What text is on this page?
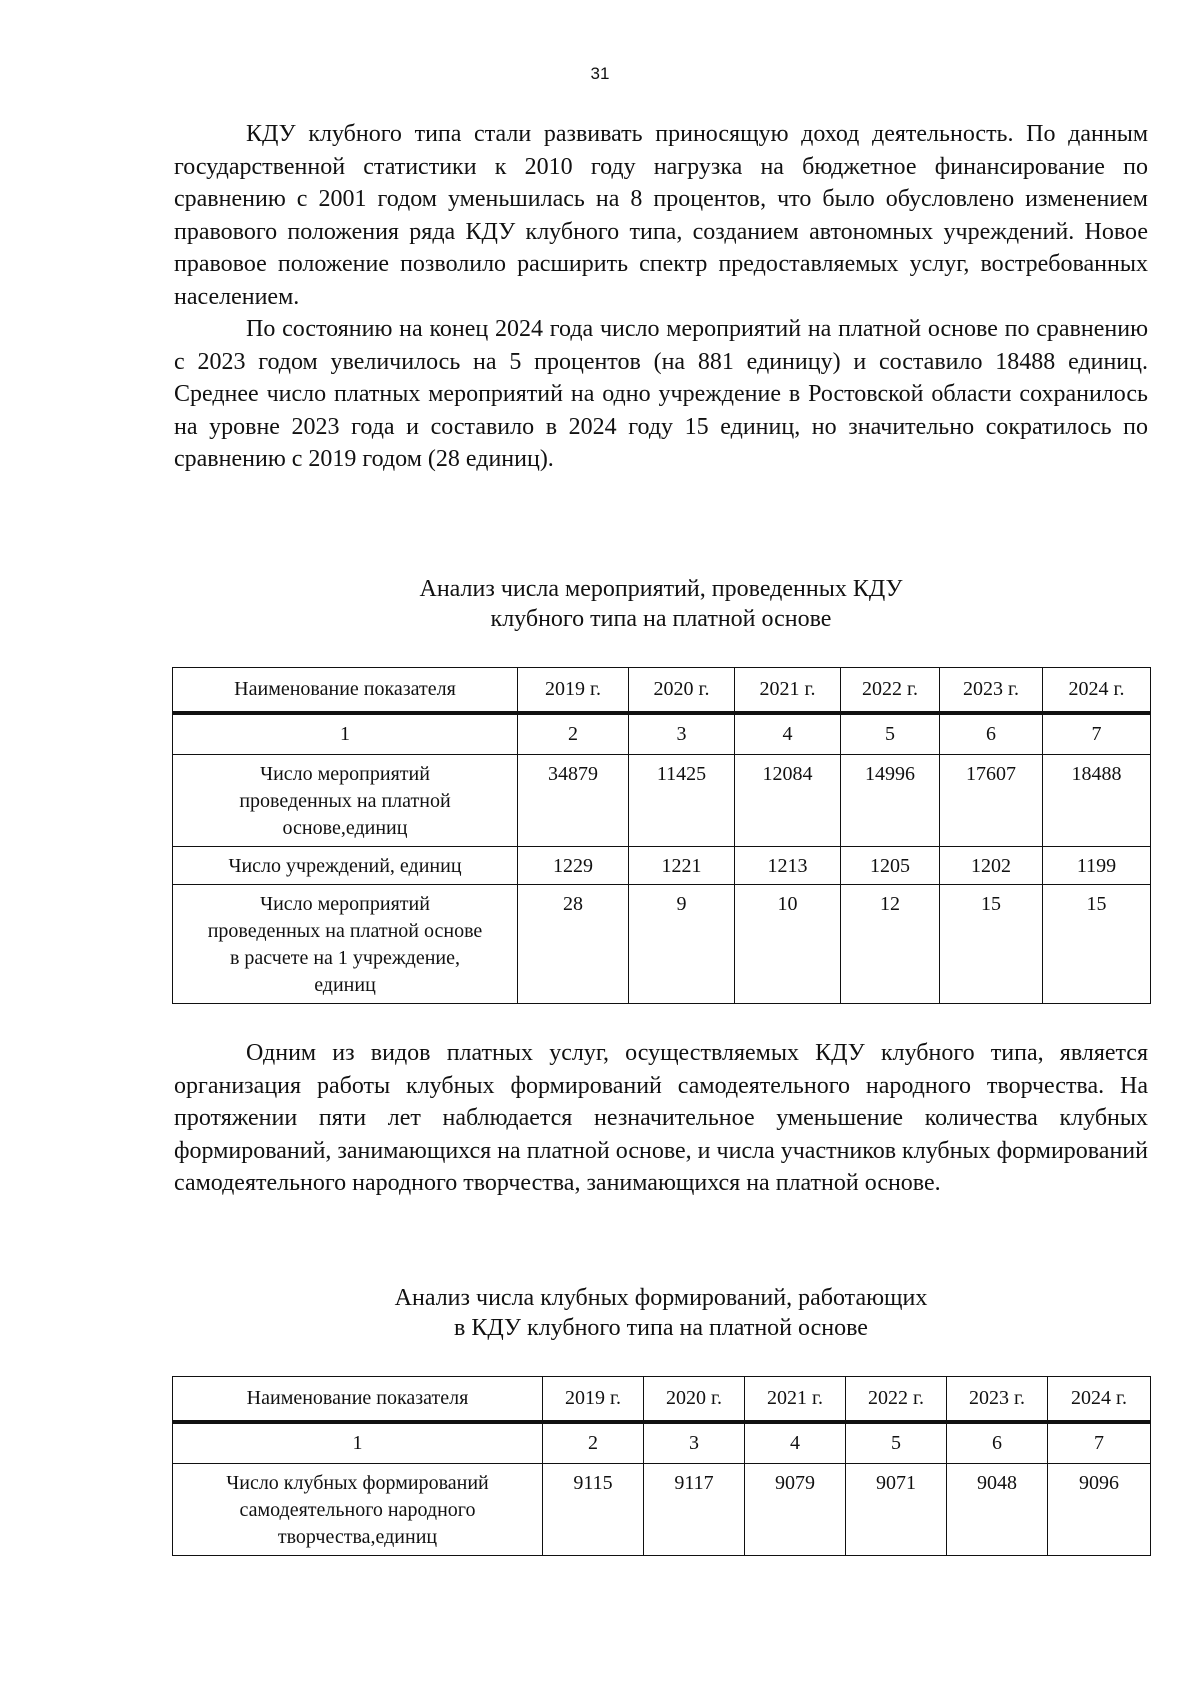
31

КДУ клубного типа стали развивать приносящую доход деятельность. По данным государственной статистики к 2010 году нагрузка на бюджетное финансирование по сравнению с 2001 годом уменьшилась на 8 процентов, что было обусловлено изменением правового положения ряда КДУ клубного типа, созданием автономных учреждений. Новое правовое положение позволило расширить спектр предоставляемых услуг, востребованных населением.

По состоянию на конец 2024 года число мероприятий на платной основе по сравнению с 2023 годом увеличилось на 5 процентов (на 881 единицу) и составило 18488 единиц. Среднее число платных мероприятий на одно учреждение в Ростовской области сохранилось на уровне 2023 года и составило в 2024 году 15 единиц, но значительно сократилось по сравнению с 2019 годом (28 единиц).

Анализ числа мероприятий, проведенных КДУ
клубного типа на платной основе
Наименование показателя	2019 г.	2020 г.	2021 г.	2022 г.	2023 г.	2024 г.
1	2	3	4	5	6	7
Число мероприятий проведенных на платной основе,единиц	34879	11425	12084	14996	17607	18488
Число учреждений, единиц	1229	1221	1213	1205	1202	1199
Число мероприятий проведенных на платной основе в расчете на 1 учреждение, единиц	28	9	10	12	15	15

Одним из видов платных услуг, осуществляемых КДУ клубного типа, является организация работы клубных формирований самодеятельного народного творчества. На протяжении пяти лет наблюдается незначительное уменьшение количества клубных формирований, занимающихся на платной основе, и числа участников клубных формирований самодеятельного народного творчества, занимающихся на платной основе.

Анализ числа клубных формирований, работающих
в КДУ клубного типа на платной основе
Наименование показателя	2019 г.	2020 г.	2021 г.	2022 г.	2023 г.	2024 г.
1	2	3	4	5	6	7
Число клубных формирований самодеятельного народного творчества,единиц	9115	9117	9079	9071	9048	9096
